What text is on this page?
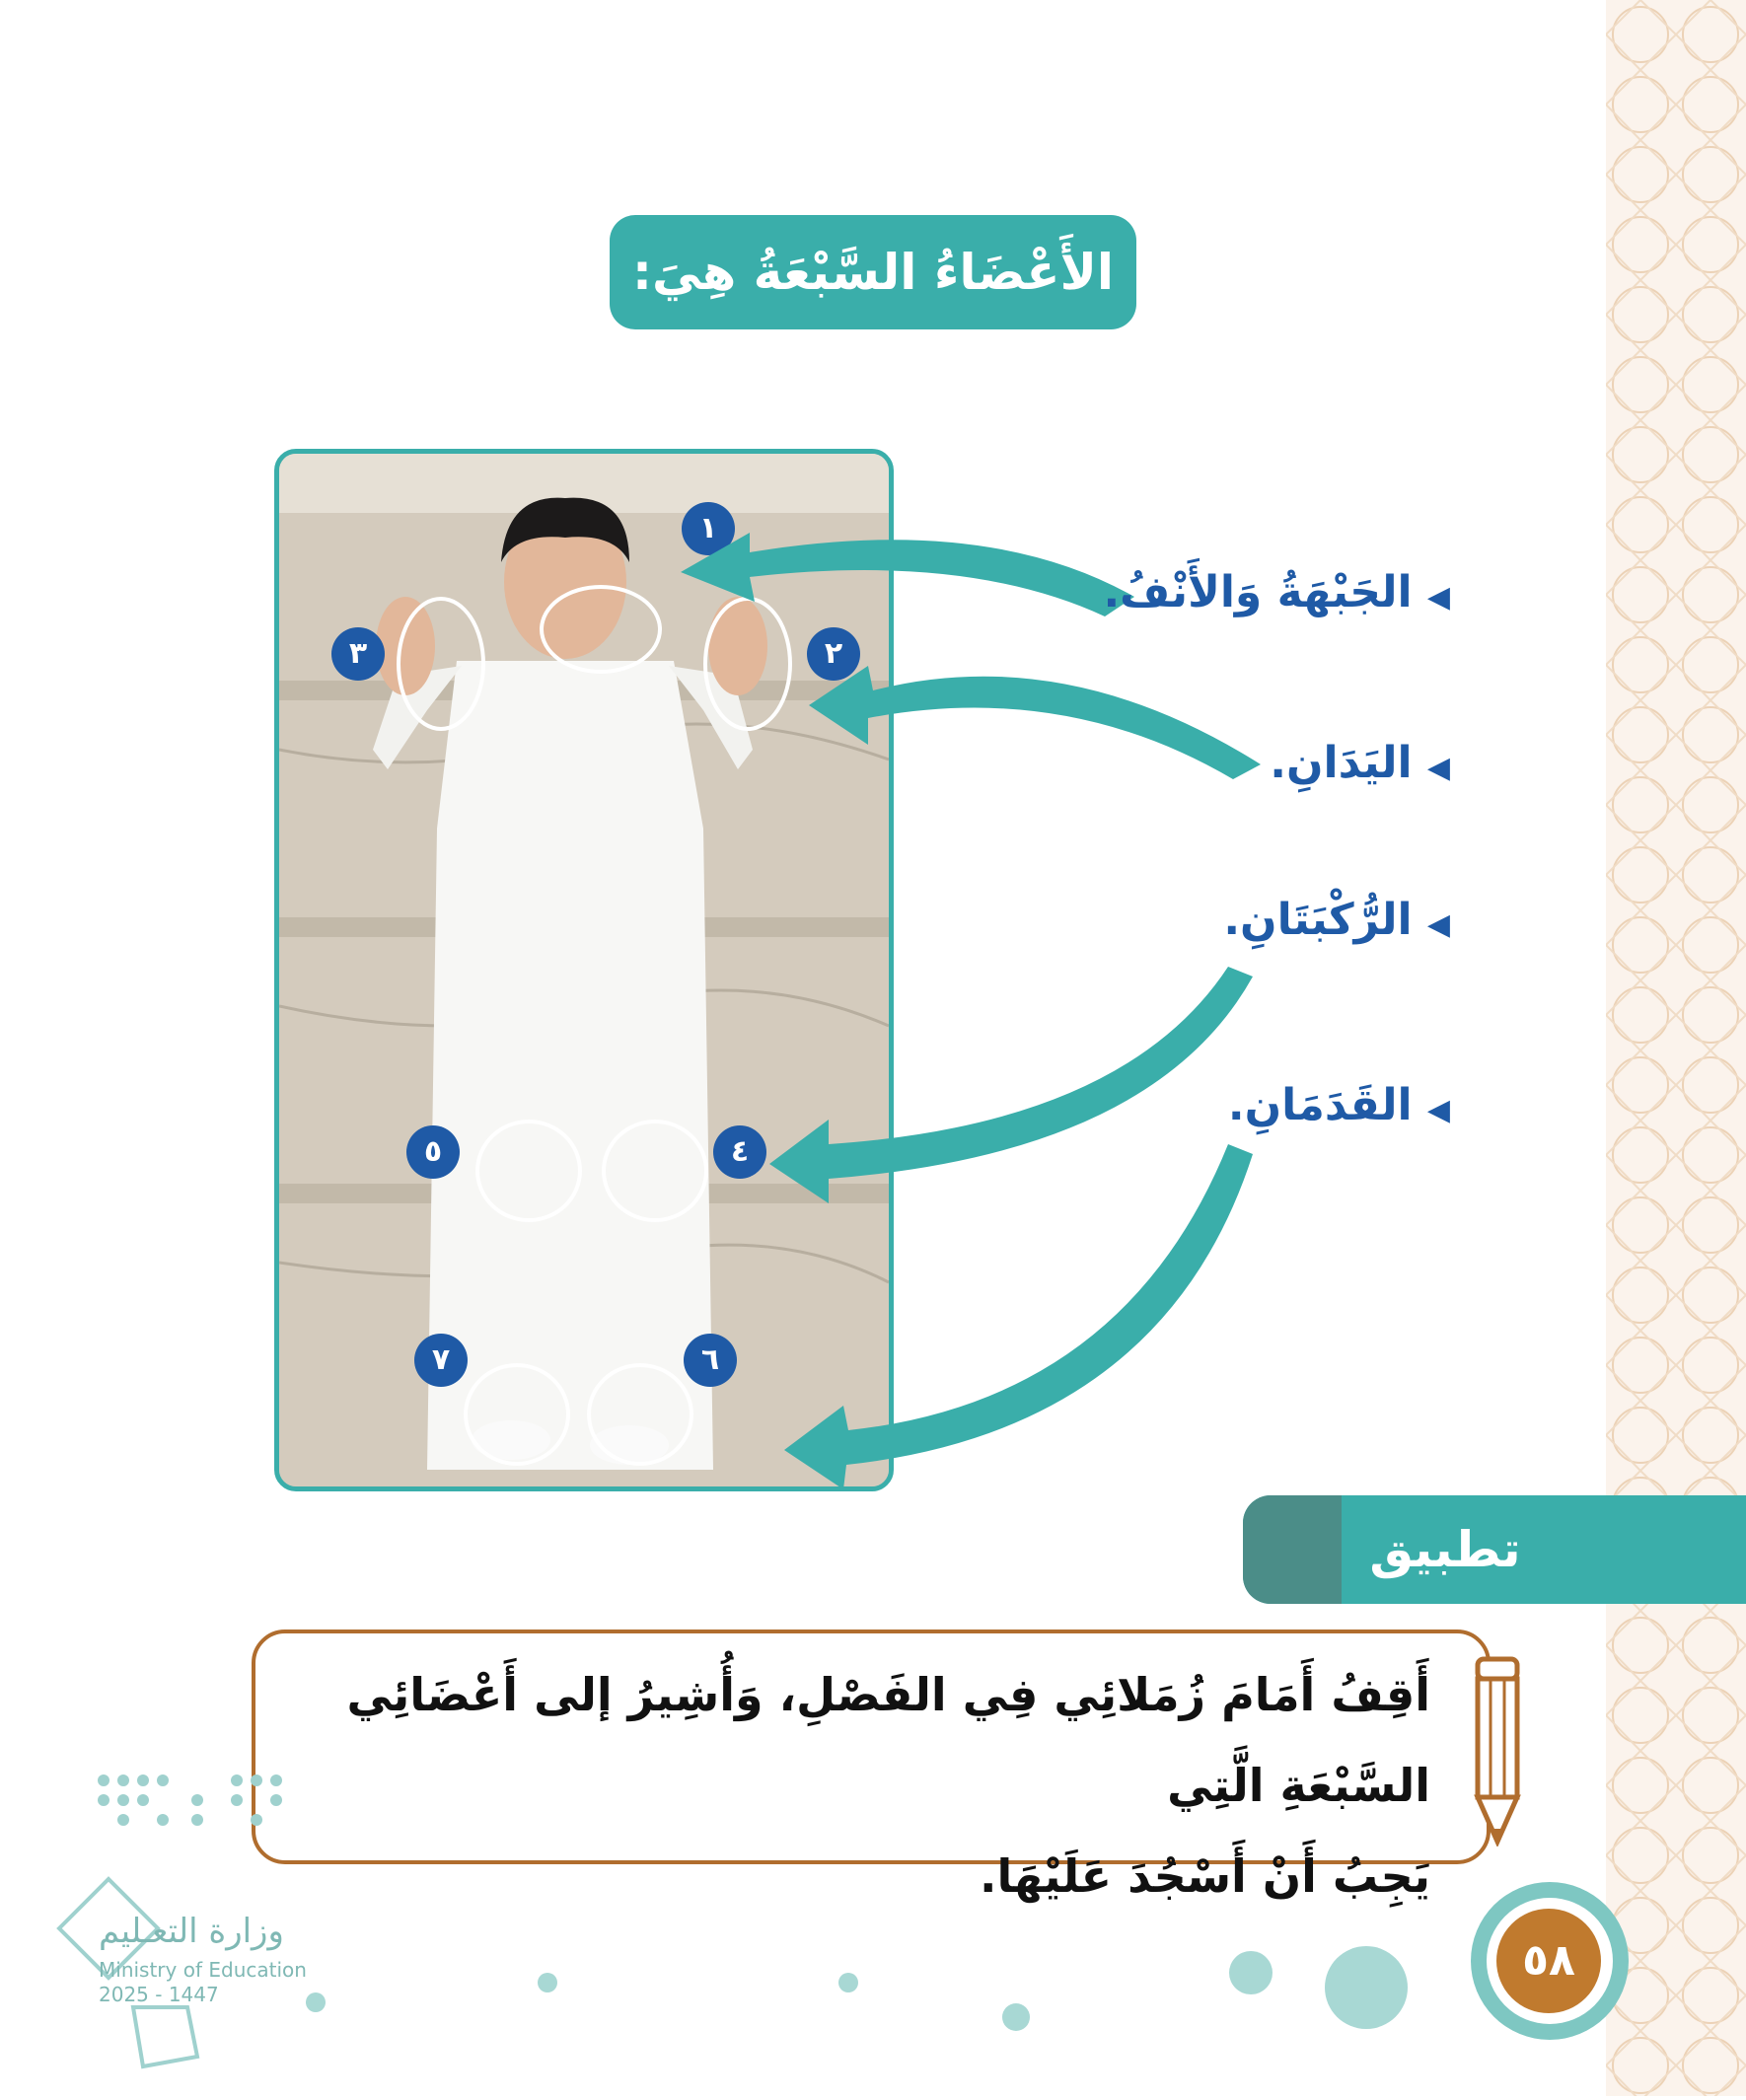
الأَعْضَاءُ السَّبْعَةُ هِيَ:
١
٢
٣
٤
٥
٦
٧
◀ الجَبْهَةُ وَالأَنْفُ.
◀ اليَدَانِ.
◀ الرُّكْبَتَانِ.
◀ القَدَمَانِ.
تطبيق
أَقِفُ أَمَامَ زُمَلائِي فِي الفَصْلِ، وَأُشِيرُ إلى أَعْضَائِي السَّبْعَةِ الَّتِي
يَجِبُ أَنْ أَسْجُدَ عَلَيْهَا.
٥٨
وزارة التعـليم
Ministry of Education
2025 - 1447
